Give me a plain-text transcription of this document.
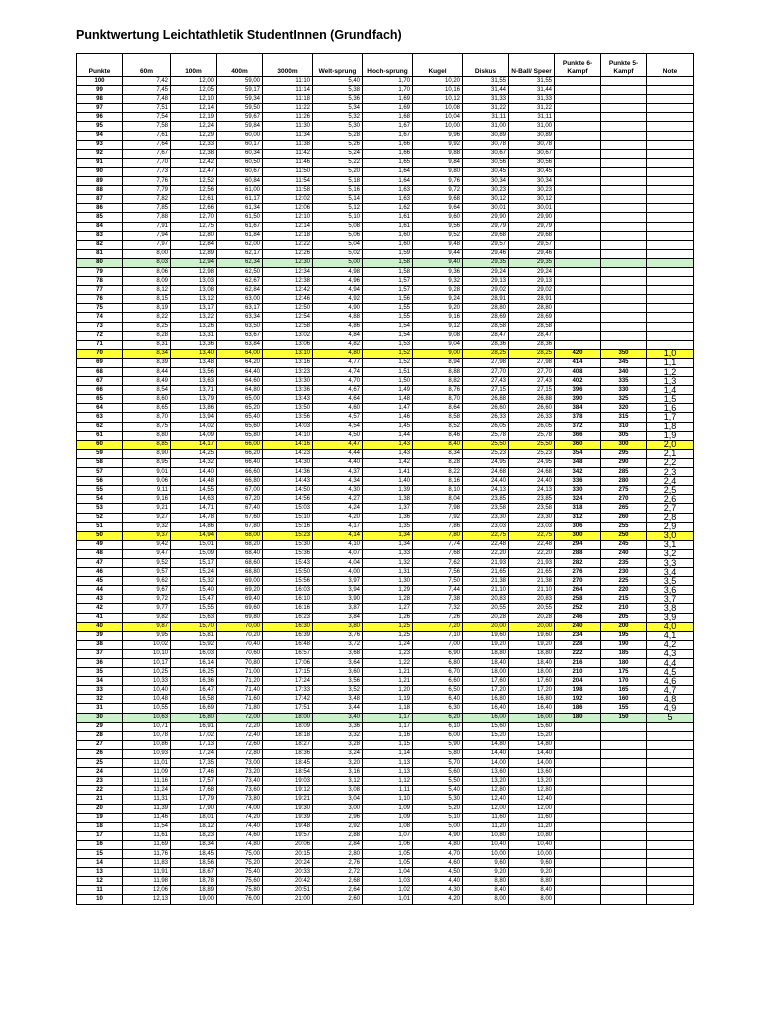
Punktwertung Leichtathletik StudentInnen (Grundfach)
Punkte	60m	100m	400m	3000m	Welt-sprung	Hoch-sprung	Kugel	Diskus	N-Ball/ Speer	Punkte 6-Kampf	Punkte 5-Kampf	Note
100	7,42	12,00	59,00	11:10	5,40	1,70	10,20	31,55	31,55			
99	7,45	12,05	59,17	11:14	5,38	1,70	10,16	31,44	31,44			
98	7,48	12,10	59,34	11:18	5,36	1,69	10,12	31,33	31,33			
97	7,51	12,14	59,50	11:22	5,34	1,69	10,08	31,22	31,22			
96	7,54	12,19	59,67	11:26	5,32	1,68	10,04	31,11	31,11			
95	7,58	12,24	59,84	11:30	5,30	1,67	10,00	31,00	31,00			
94	7,61	12,29	60,00	11:34	5,28	1,67	9,96	30,89	30,89			
93	7,64	12,33	60,17	11:38	5,26	1,66	9,92	30,78	30,78			
92	7,67	12,38	60,34	11:42	5,24	1,66	9,88	30,67	30,67			
91	7,70	12,42	60,50	11:46	5,22	1,65	9,84	30,56	30,56			
90	7,73	12,47	60,67	11:50	5,20	1,64	9,80	30,45	30,45			
89	7,76	12,52	60,84	11:54	5,18	1,64	9,76	30,34	30,34			
88	7,79	12,56	61,00	11:58	5,16	1,63	9,72	30,23	30,23			
87	7,82	12,61	61,17	12:02	5,14	1,63	9,68	30,12	30,12			
86	7,85	12,66	61,34	12:06	5,12	1,62	9,64	30,01	30,01			
85	7,88	12,70	61,50	12:10	5,10	1,61	9,60	29,90	29,90			
84	7,91	12,75	61,67	12:14	5,08	1,61	9,56	29,79	29,79			
83	7,94	12,80	61,84	12:18	5,06	1,60	9,52	29,68	29,68			
82	7,97	12,84	62,00	12:22	5,04	1,60	9,48	29,57	29,57			
81	8,00	12,89	62,17	12:26	5,02	1,59	9,44	29,46	29,46			
80	8,03	12,94	62,34	12:30	5,00	1,58	9,40	29,35	29,35			
79	8,06	12,98	62,50	12:34	4,98	1,58	9,36	29,24	29,24			
78	8,09	13,03	62,67	12:38	4,96	1,57	9,32	29,13	29,13			
77	8,12	13,08	62,84	12:42	4,94	1,57	9,28	29,02	29,02			
76	8,15	13,12	63,00	12:46	4,92	1,56	9,24	28,91	28,91			
75	8,19	13,17	63,17	12:50	4,90	1,55	9,20	28,80	28,80			
74	8,22	13,22	63,34	12:54	4,88	1,55	9,16	28,69	28,69			
73	8,25	13,26	63,50	12:58	4,86	1,54	9,12	28,58	28,58			
72	8,28	13,31	63,67	13:02	4,84	1,54	9,08	28,47	28,47			
71	8,31	13,36	63,84	13:06	4,82	1,53	9,04	28,36	28,36			
70	8,34	13,40	64,00	13:10	4,80	1,52	9,00	28,25	28,25	420	350	1,0
69	8,39	13,48	64,20	13:16	4,77	1,52	8,94	27,98	27,98	414	345	1,1
68	8,44	13,56	64,40	13:23	4,74	1,51	8,88	27,70	27,70	408	340	1,2
67	8,49	13,63	64,60	13:30	4,70	1,50	8,82	27,43	27,43	402	335	1,3
66	8,54	13,71	64,80	13:36	4,67	1,49	8,76	27,15	27,15	396	330	1,4
65	8,60	13,79	65,00	13:43	4,64	1,48	8,70	26,88	26,88	390	325	1,5
64	8,65	13,86	65,20	13:50	4,60	1,47	8,64	26,60	26,60	384	320	1,6
63	8,70	13,94	65,40	13:56	4,57	1,46	8,58	26,33	26,33	378	315	1,7
62	8,75	14,02	65,60	14:03	4,54	1,45	8,52	26,05	26,05	372	310	1,8
61	8,80	14,09	65,80	14:10	4,50	1,44	8,46	25,78	25,78	366	305	1,9
60	8,85	14,17	66,00	14:16	4,47	1,43	8,40	25,50	25,50	360	300	2,0
59	8,90	14,25	66,20	14:23	4,44	1,43	8,34	25,23	25,23	354	295	2,1
58	8,95	14,32	66,40	14:30	4,40	1,42	8,28	24,95	24,95	348	290	2,2
57	9,01	14,40	66,60	14:36	4,37	1,41	8,22	24,68	24,68	342	285	2,3
56	9,06	14,48	66,80	14:43	4,34	1,40	8,16	24,40	24,40	336	280	2,4
55	9,11	14,55	67,00	14:50	4,30	1,39	8,10	24,13	24,13	330	275	2,5
54	9,16	14,63	67,20	14:56	4,27	1,38	8,04	23,85	23,85	324	270	2,6
53	9,21	14,71	67,40	15:03	4,24	1,37	7,98	23,58	23,58	318	265	2,7
52	9,27	14,78	67,60	15:10	4,20	1,36	7,92	23,30	23,30	312	260	2,8
51	9,32	14,86	67,80	15:16	4,17	1,35	7,86	23,03	23,03	306	255	2,9
50	9,37	14,94	68,00	15:23	4,14	1,34	7,80	22,75	22,75	300	250	3,0
49	9,42	15,01	68,20	15:30	4,10	1,34	7,74	22,48	22,48	294	245	3,1
48	9,47	15,09	68,40	15:36	4,07	1,33	7,68	22,20	22,20	288	240	3,2
47	9,52	15,17	68,60	15:43	4,04	1,32	7,62	21,93	21,93	282	235	3,3
46	9,57	15,24	68,80	15:50	4,00	1,31	7,56	21,65	21,65	276	230	3,4
45	9,62	15,32	69,00	15:56	3,97	1,30	7,50	21,38	21,38	270	225	3,5
44	9,67	15,40	69,20	16:03	3,94	1,29	7,44	21,10	21,10	264	220	3,6
43	9,72	15,47	69,40	16:10	3,90	1,28	7,38	20,83	20,83	258	215	3,7
42	9,77	15,55	69,60	16:16	3,87	1,27	7,32	20,55	20,55	252	210	3,8
41	9,82	15,63	69,80	16:23	3,84	1,26	7,26	20,28	20,28	246	205	3,9
40	9,87	15,70	70,00	16:30	3,80	1,25	7,20	20,00	20,00	240	200	4,0
39	9,95	15,81	70,20	16:39	3,76	1,25	7,10	19,60	19,60	234	195	4,1
38	10,02	15,92	70,40	16:48	3,72	1,24	7,00	19,20	19,20	228	190	4,2
37	10,10	16,03	70,60	16:57	3,68	1,23	6,90	18,80	18,80	222	185	4,3
36	10,17	16,14	70,80	17:06	3,64	1,22	6,80	18,40	18,40	216	180	4,4
35	10,25	16,25	71,00	17:15	3,60	1,21	6,70	18,00	18,00	210	175	4,5
34	10,33	16,36	71,20	17:24	3,56	1,21	6,60	17,60	17,60	204	170	4,6
33	10,40	16,47	71,40	17:33	3,52	1,20	6,50	17,20	17,20	198	165	4,7
32	10,48	16,58	71,60	17:42	3,48	1,19	6,40	16,80	16,80	192	160	4,8
31	10,55	16,69	71,80	17:51	3,44	1,18	6,30	16,40	16,40	186	155	4,9
30	10,63	16,80	72,00	18:00	3,40	1,17	6,20	16,00	16,00	180	150	5
29	10,71	16,91	72,20	18:09	3,36	1,17	6,10	15,60	15,60			
28	10,78	17,02	72,40	18:18	3,32	1,16	6,00	15,20	15,20			
27	10,86	17,13	72,60	18:27	3,28	1,15	5,90	14,80	14,80			
26	10,93	17,24	72,80	18:36	3,24	1,14	5,80	14,40	14,40			
25	11,01	17,35	73,00	18:45	3,20	1,13	5,70	14,00	14,00			
24	11,09	17,46	73,20	18:54	3,16	1,13	5,60	13,60	13,60			
23	11,16	17,57	73,40	19:03	3,12	1,12	5,50	13,20	13,20			
22	11,24	17,68	73,60	19:12	3,08	1,11	5,40	12,80	12,80			
21	11,31	17,79	73,80	19:21	3,04	1,10	5,30	12,40	12,40			
20	11,39	17,90	74,00	19:30	3,00	1,09	5,20	12,00	12,00			
19	11,46	18,01	74,20	19:39	2,96	1,09	5,10	11,60	11,60			
18	11,54	18,12	74,40	19:48	2,92	1,08	5,00	11,20	11,20			
17	11,61	18,23	74,60	19:57	2,88	1,07	4,90	10,80	10,80			
16	11,69	18,34	74,80	20:06	2,84	1,06	4,80	10,40	10,40			
15	11,76	18,45	75,00	20:15	2,80	1,05	4,70	10,00	10,00			
14	11,83	18,56	75,20	20:24	2,76	1,05	4,60	9,60	9,60			
13	11,91	18,67	75,40	20:33	2,72	1,04	4,50	9,20	9,20			
12	11,98	18,78	75,60	20:42	2,68	1,03	4,40	8,80	8,80			
11	12,06	18,89	75,80	20:51	2,64	1,02	4,30	8,40	8,40			
10	12,13	19,00	76,00	21:00	2,60	1,01	4,20	8,00	8,00			
